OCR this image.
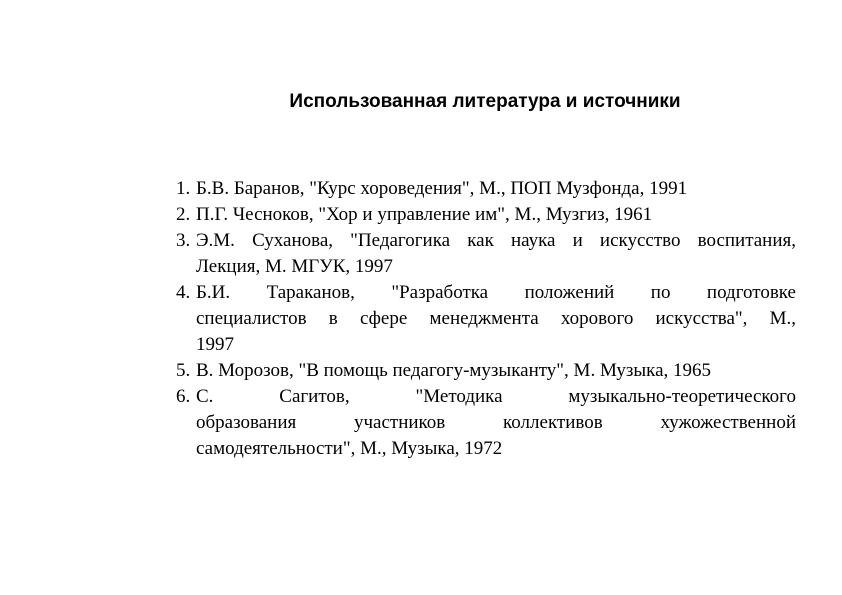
Использованная литература и источники
1. Б.В. Баранов, "Курс хороведения", М., ПОП Музфонда, 1991
2. П.Г. Чесноков, "Хор и управление им", М., Музгиз, 1961
3. Э.М. Суханова, "Педагогика как наука и искусство воспитания,
Лекция, М. МГУК, 1997
4. Б.И. Тараканов, "Разработка положений по подготовке
специалистов в сфере менеджмента хорового искусства", М.,
1997
5. В. Морозов, "В помощь педагогу-музыканту", М. Музыка, 1965
6. С. Сагитов, "Методика музыкально-теоретического
образования участников коллективов хужожественной
самодеятельности", М., Музыка, 1972
